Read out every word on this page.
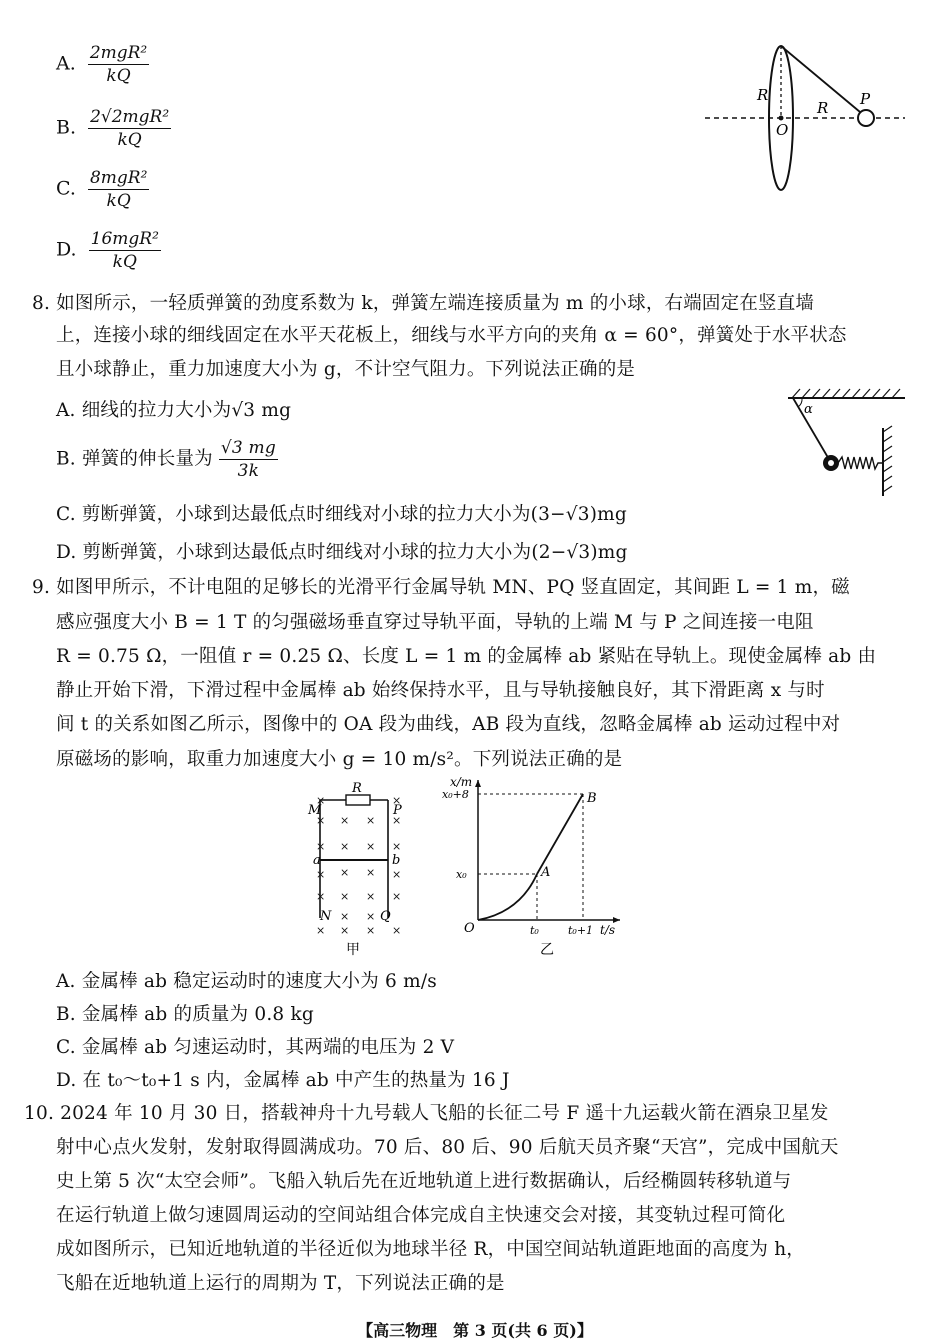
A. $\frac{\text{2mgR²}}{kQ}$
B. $\frac{\text{2√2mgR²}}{kQ}$
C. $\frac{\text{8mgR²}}{kQ}$
D. $\frac{\text{16mgR²}}{kQ}$
R
R
O
P
8. 如图所示，一轻质弹簧的劲度系数为 k，弹簧左端连接质量为 m 的小球，右端固定在竖直墙
上，连接小球的细线固定在水平天花板上，细线与水平方向的夹角 α = 60°，弹簧处于水平状态
且小球静止，重力加速度大小为 g，不计空气阻力。下列说法正确的是
A. 细线的拉力大小为√3 mg
B. 弹簧的伸长量为 $\frac{√3 mg}{3k}$
C. 剪断弹簧，小球到达最低点时细线对小球的拉力大小为(3−√3)mg
D. 剪断弹簧，小球到达最低点时细线对小球的拉力大小为(2−√3)mg
α
9. 如图甲所示，不计电阻的足够长的光滑平行金属导轨 MN、PQ 竖直固定，其间距 L = 1 m，磁
感应强度大小 B = 1 T 的匀强磁场垂直穿过导轨平面，导轨的上端 M 与 P 之间连接一电阻
R = 0.75 Ω，一阻值 r = 0.25 Ω、长度 L = 1 m 的金属棒 ab 紧贴在导轨上。现使金属棒 ab 由
静止开始下滑，下滑过程中金属棒 ab 始终保持水平，且与导轨接触良好，其下滑距离 x 与时
间 t 的关系如图乙所示，图像中的 OA 段为曲线，AB 段为直线，忽略金属棒 ab 运动过程中对
原磁场的影响，取重力加速度大小 g = 10 m/s²。下列说法正确的是
R
M	P
a	b
N	Q
×	×
× × × ×
× × × ×
× ×
×	×
× × × ×
× ×
× × × ×
甲
x/m
t/s
x₀+8
x₀
t₀	t₀+1
O
A
B
乙
A. 金属棒 ab 稳定运动时的速度大小为 6 m/s
B. 金属棒 ab 的质量为 0.8 kg
C. 金属棒 ab 匀速运动时，其两端的电压为 2 V
D. 在 t₀～t₀+1 s 内，金属棒 ab 中产生的热量为 16 J
10. 2024 年 10 月 30 日，搭载神舟十九号载人飞船的长征二号 F 遥十九运载火箭在酒泉卫星发
射中心点火发射，发射取得圆满成功。70 后、80 后、90 后航天员齐聚“天宫”，完成中国航天
史上第 5 次“太空会师”。飞船入轨后先在近地轨道上进行数据确认，后经椭圆转移轨道与
在运行轨道上做匀速圆周运动的空间站组合体完成自主快速交会对接，其变轨过程可简化
成如图所示，已知近地轨道的半径近似为地球半径 R，中国空间站轨道距地面的高度为 h，
飞船在近地轨道上运行的周期为 T，下列说法正确的是
【高三物理　第 3 页(共 6 页)】
